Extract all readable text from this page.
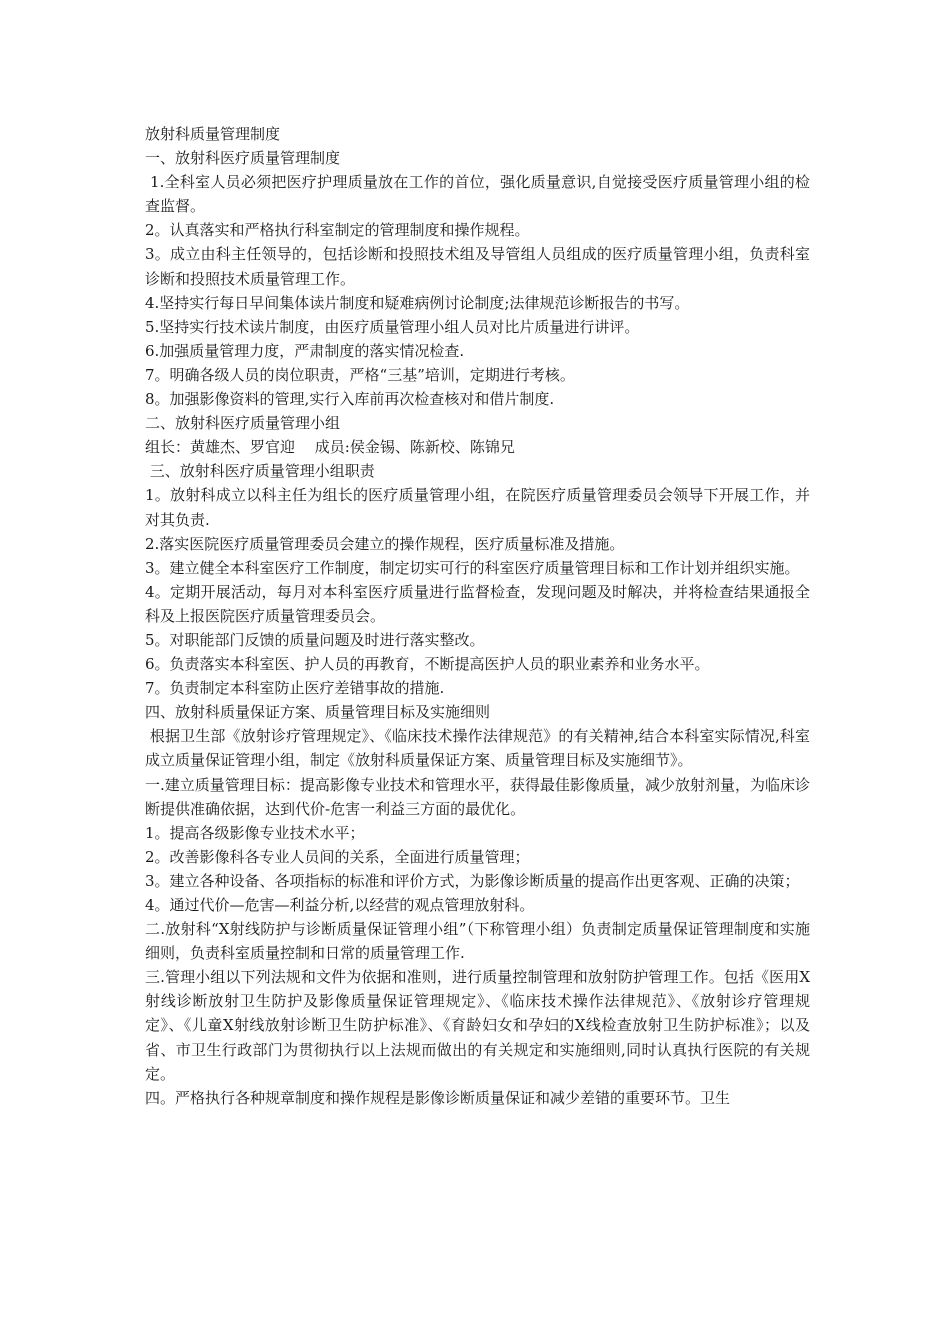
放射科质量管理制度

一、放射科医疗质量管理制度

1.全科室人员必须把医疗护理质量放在工作的首位，强化质量意识,自觉接受医疗质量管理小组的检查监督。

2。认真落实和严格执行科室制定的管理制度和操作规程。

3。成立由科主任领导的，包括诊断和投照技术组及导管组人员组成的医疗质量管理小组，负责科室诊断和投照技术质量管理工作。

4.坚持实行每日早间集体读片制度和疑难病例讨论制度;法律规范诊断报告的书写。

5.坚持实行技术读片制度，由医疗质量管理小组人员对比片质量进行讲评。

6.加强质量管理力度，严肃制度的落实情况检查.

7。明确各级人员的岗位职责，严格“三基”培训，定期进行考核。

8。加强影像资料的管理,实行入库前再次检查核对和借片制度.

二、放射科医疗质量管理小组

组长：黄雄杰、罗官迎　 成员:侯金锡、陈新校、陈锦兄

三、放射科医疗质量管理小组职责

1。放射科成立以科主任为组长的医疗质量管理小组，在院医疗质量管理委员会领导下开展工作，并对其负责.

2.落实医院医疗质量管理委员会建立的操作规程，医疗质量标准及措施。

3。建立健全本科室医疗工作制度，制定切实可行的科室医疗质量管理目标和工作计划并组织实施。

4。定期开展活动，每月对本科室医疗质量进行监督检查，发现问题及时解决，并将检查结果通报全科及上报医院医疗质量管理委员会。

5。对职能部门反馈的质量问题及时进行落实整改。

6。负责落实本科室医、护人员的再教育，不断提高医护人员的职业素养和业务水平。

7。负责制定本科室防止医疗差错事故的措施.

四、放射科质量保证方案、质量管理目标及实施细则

根据卫生部《放射诊疗管理规定》、《临床技术操作法律规范》的有关精神,结合本科室实际情况,科室成立质量保证管理小组，制定《放射科质量保证方案、质量管理目标及实施细节》。

一.建立质量管理目标：提高影像专业技术和管理水平，获得最佳影像质量，减少放射剂量，为临床诊断提供准确依据，达到代价-危害一利益三方面的最优化。

1。提高各级影像专业技术水平；

2。改善影像科各专业人员间的关系，全面进行质量管理；

3。建立各种设备、各项指标的标准和评价方式，为影像诊断质量的提高作出更客观、正确的决策；

4。通过代价—危害—利益分析,以经营的观点管理放射科。

二.放射科“X射线防护与诊断质量保证管理小组”（下称管理小组）负责制定质量保证管理制度和实施细则，负责科室质量控制和日常的质量管理工作.

三.管理小组以下列法规和文件为依据和准则，进行质量控制管理和放射防护管理工作。包括《医用X射线诊断放射卫生防护及影像质量保证管理规定》、《临床技术操作法律规范》、《放射诊疗管理规定》、《儿童X射线放射诊断卫生防护标准》、《育龄妇女和孕妇的X线检查放射卫生防护标准》；以及省、市卫生行政部门为贯彻执行以上法规而做出的有关规定和实施细则,同时认真执行医院的有关规定。

四。严格执行各种规章制度和操作规程是影像诊断质量保证和减少差错的重要环节。卫生
